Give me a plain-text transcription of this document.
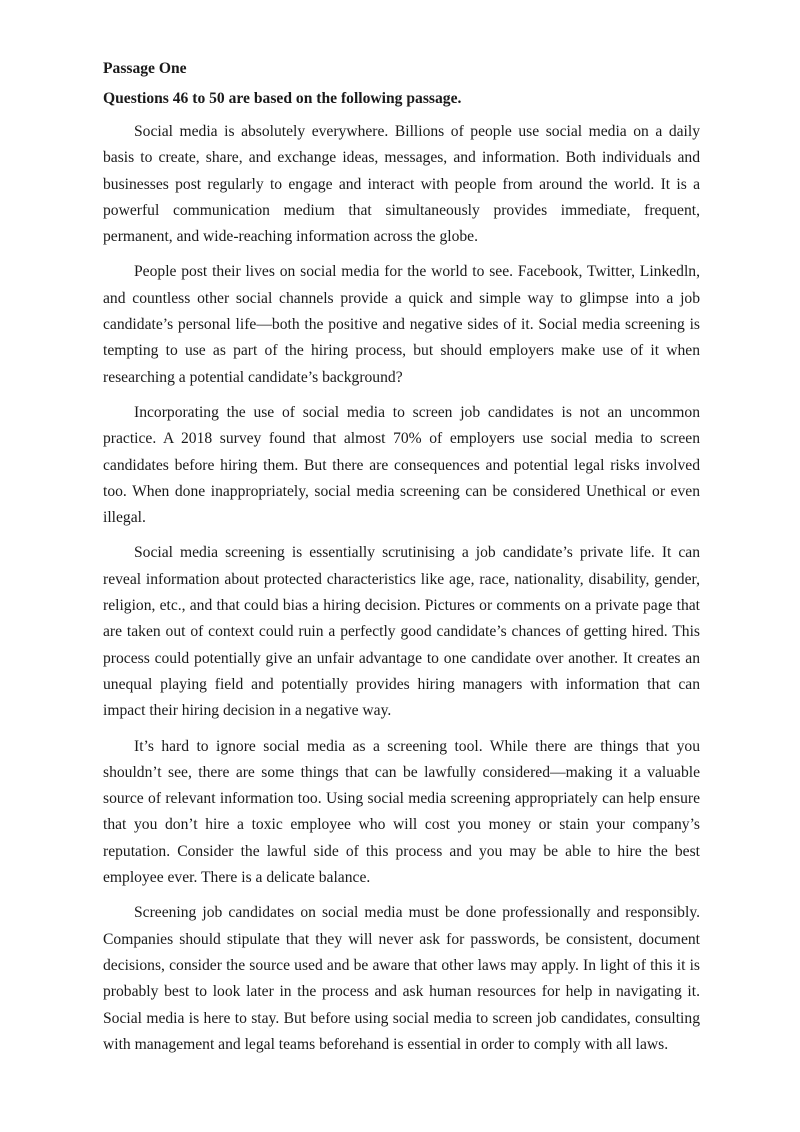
Passage One

Questions 46 to 50 are based on the following passage.

Social media is absolutely everywhere. Billions of people use social media on a daily basis to create, share, and exchange ideas, messages, and information. Both individuals and businesses post regularly to engage and interact with people from around the world. It is a powerful communication medium that simultaneously provides immediate, frequent, permanent, and wide-reaching information across the globe.

People post their lives on social media for the world to see. Facebook, Twitter, Linkedln, and countless other social channels provide a quick and simple way to glimpse into a job candidate’s personal life—both the positive and negative sides of it. Social media screening is tempting to use as part of the hiring process, but should employers make use of it when researching a potential candidate’s background?

Incorporating the use of social media to screen job candidates is not an uncommon practice. A 2018 survey found that almost 70% of employers use social media to screen candidates before hiring them. But there are consequences and potential legal risks involved too. When done inappropriately, social media screening can be considered Unethical or even illegal.

Social media screening is essentially scrutinising a job candidate’s private life. It can reveal information about protected characteristics like age, race, nationality, disability, gender, religion, etc., and that could bias a hiring decision. Pictures or comments on a private page that are taken out of context could ruin a perfectly good candidate’s chances of getting hired. This process could potentially give an unfair advantage to one candidate over another. It creates an unequal playing field and potentially provides hiring managers with information that can impact their hiring decision in a negative way.

It’s hard to ignore social media as a screening tool. While there are things that you shouldn’t see, there are some things that can be lawfully considered—making it a valuable source of relevant information too. Using social media screening appropriately can help ensure that you don’t hire a toxic employee who will cost you money or stain your company’s reputation. Consider the lawful side of this process and you may be able to hire the best employee ever. There is a delicate balance.

Screening job candidates on social media must be done professionally and responsibly. Companies should stipulate that they will never ask for passwords, be consistent, document decisions, consider the source used and be aware that other laws may apply. In light of this it is probably best to look later in the process and ask human resources for help in navigating it. Social media is here to stay. But before using social media to screen job candidates, consulting with management and legal teams beforehand is essential in order to comply with all laws.
